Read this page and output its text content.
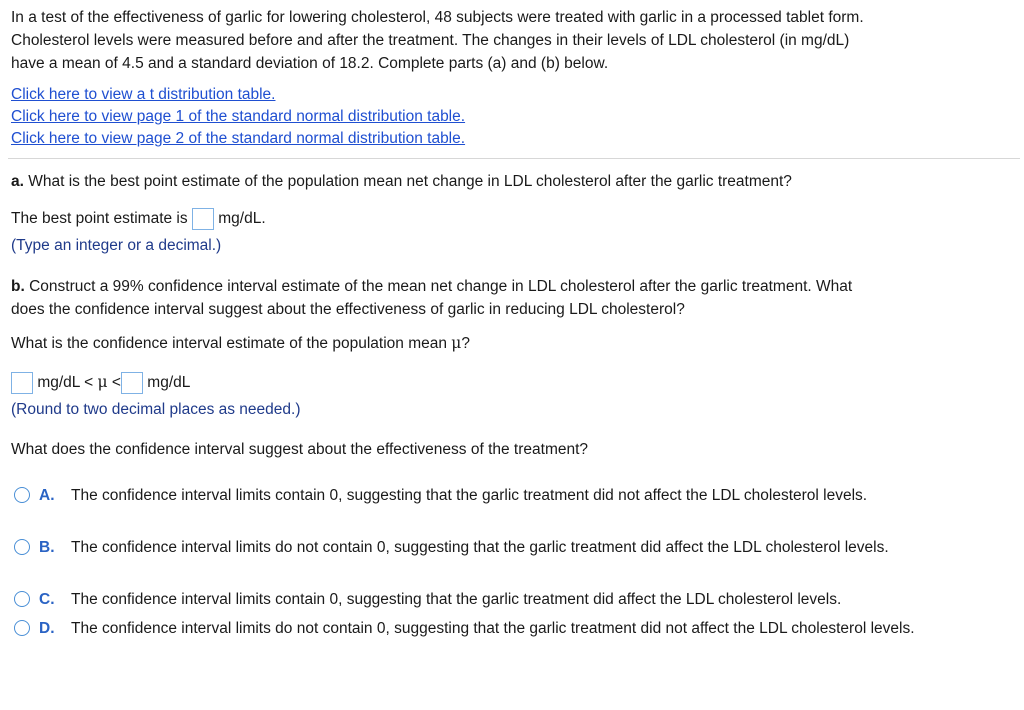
In a test of the effectiveness of garlic for lowering cholesterol, 48 subjects were treated with garlic in a processed tablet form.
Cholesterol levels were measured before and after the treatment. The changes in their levels of LDL cholesterol (in mg/dL)
have a mean of 4.5 and a standard deviation of 18.2. Complete parts (a) and (b) below.
Click here to view a t distribution table.
Click here to view page 1 of the standard normal distribution table.
Click here to view page 2 of the standard normal distribution table.
a. What is the best point estimate of the population mean net change in LDL cholesterol after the garlic treatment?
The best point estimate is mg/dL.
(Type an integer or a decimal.)
b. Construct a 99% confidence interval estimate of the mean net change in LDL cholesterol after the garlic treatment. What
does the confidence interval suggest about the effectiveness of garlic in reducing LDL cholesterol?
What is the confidence interval estimate of the population mean μ?
mg/dL < μ < mg/dL
(Round to two decimal places as needed.)
What does the confidence interval suggest about the effectiveness of the treatment?
A.	The confidence interval limits contain 0, suggesting that the garlic treatment did not affect the LDL cholesterol levels.
B.	The confidence interval limits do not contain 0, suggesting that the garlic treatment did affect the LDL cholesterol levels.
C.	The confidence interval limits contain 0, suggesting that the garlic treatment did affect the LDL cholesterol levels.
D.	The confidence interval limits do not contain 0, suggesting that the garlic treatment did not affect the LDL cholesterol levels.
